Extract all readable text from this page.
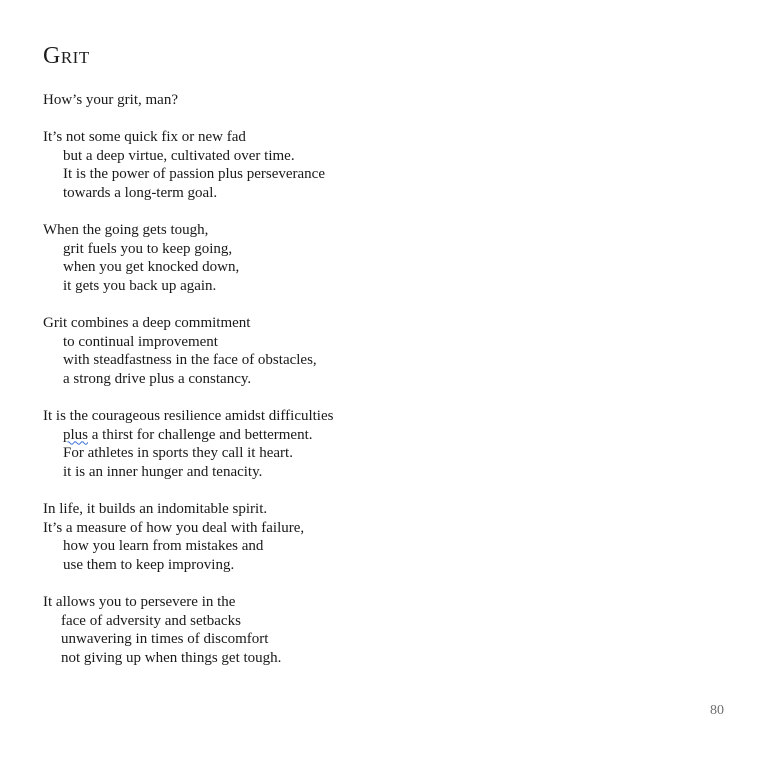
Grit
How’s your grit, man?
It’s not some quick fix or new fad
but a deep virtue, cultivated over time.
It is the power of passion plus perseverance
towards a long-term goal.
When the going gets tough,
grit fuels you to keep going,
when you get knocked down,
it gets you back up again.
Grit combines a deep commitment
to continual improvement
with steadfastness in the face of obstacles,
a strong drive plus a constancy.
It is the courageous resilience amidst difficulties
plus a thirst for challenge and betterment.
For athletes in sports they call it heart.
it is an inner hunger and tenacity.
In life, it builds an indomitable spirit.
It’s a measure of how you deal with failure,
how you learn from mistakes and
use them to keep improving.
It allows you to persevere in the
face of adversity and setbacks
unwavering in times of discomfort
not giving up when things get tough.
80
